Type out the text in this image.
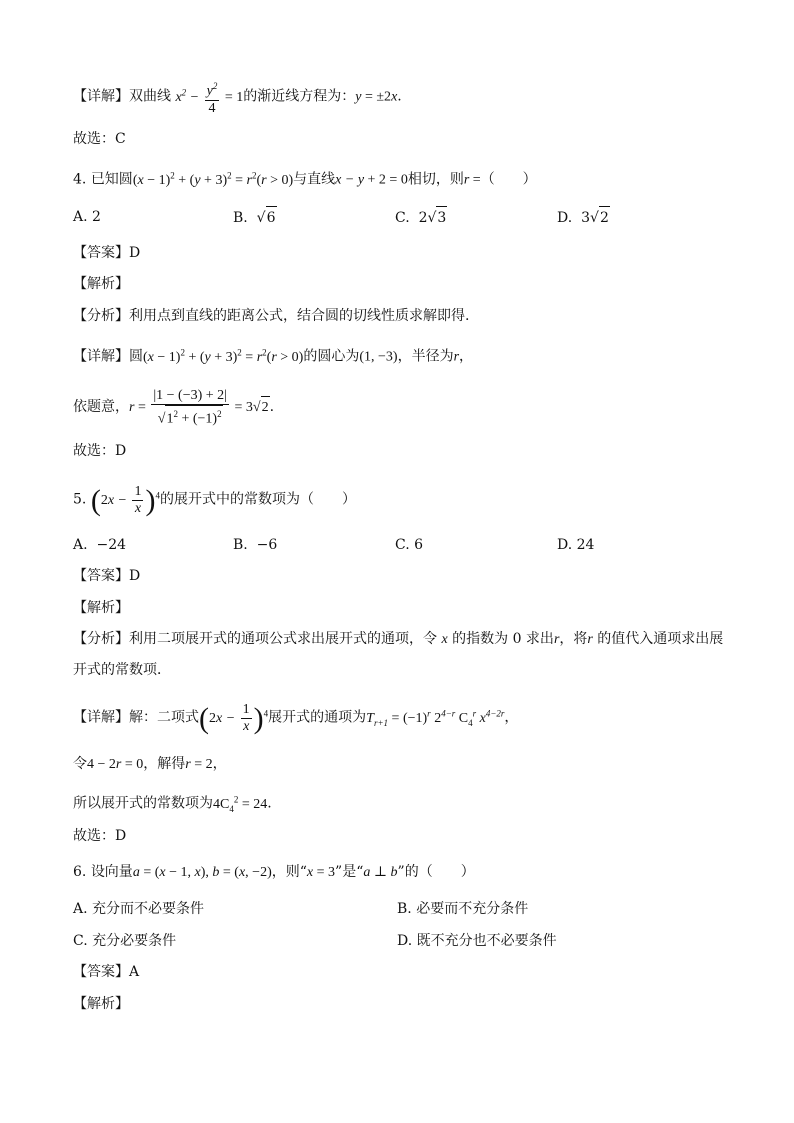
【详解】双曲线 $x^2 - \frac{y^2}{4} = 1$的渐近线方程为：y = ±2x.
故选：C
4. 已知圆$(x - 1)^2 + (y + 3)^2 = r^2(r > 0)$与直线x − y + 2 = 0相切，则r =（　　）
A. 2	B. √6	C. 2√3	D. 3√2
【答案】D
【解析】
【分析】利用点到直线的距离公式，结合圆的切线性质求解即得.
【详解】圆$(x - 1)^2 + (y + 3)^2 = r^2(r > 0)$的圆心为(1, −3)，半径为r，
依题意，$r = \frac{|1 - (-3) + 2|}{√1^2 + (-1)^2} = 3√2$.
故选：D
5. $(2x - \frac{1}{x} )^4$的展开式中的常数项为（　　）
A. −24	B. −6	C. 6	D. 24
【答案】D
【解析】
【分析】利用二项展开式的通项公式求出展开式的通项，令 x 的指数为 0 求出r，将r 的值代入通项求出展
开式的常数项．
【详解】解：二项式$(2x - \frac{1}{x} )^4$展开式的通项为$T_{r+1} = (-1)^r$ $2^{4-r}$ $C_4^r$ $x^{4-2r}$，
令4 − 2r = 0，解得r = 2，
所以展开式的常数项为$4C_4^2 = 24$.
故选：D
6. 设向量a = (x − 1, x), b = (x, −2)，则“x = 3”是“a ⊥ b”的（　　）
A. 充分而不必要条件	B. 必要而不充分条件
C. 充分必要条件	D. 既不充分也不必要条件
【答案】A
【解析】
